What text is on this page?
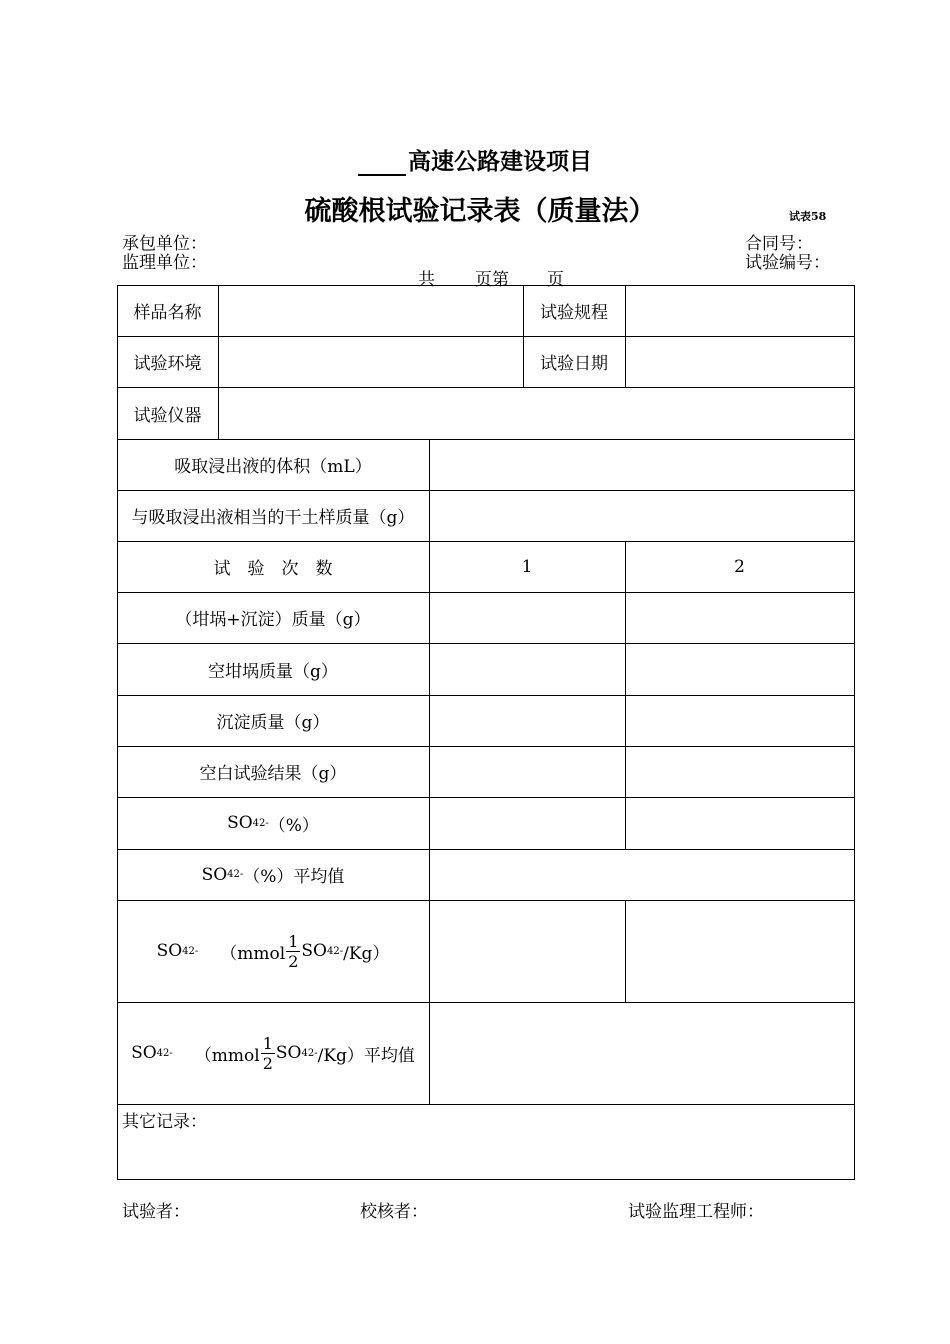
高速公路建设项目
硫酸根试验记录表（质量法）	试表58
承包单位：
监理单位：
合同号：
试验编号：
共 页第 页
样品名称	试验规程
试验环境	试验日期
试验仪器
吸取浸出液的体积（mL）
与吸取浸出液相当的干土样质量（g）
试　验　次　数	1	2
（坩埚+沉淀）质量（g）
空坩埚质量（g）
沉淀质量（g）
空白试验结果（g）
SO 4 2- （%）
SO 4 2- （%）平均值
SO 4 2- （mmol $\frac{1}{2}$ SO 4 2- /Kg）
SO 4 2- （mmol $\frac{1}{2}$ SO 4 2- /Kg）平均值
其它记录：
试验者：	校核者：	试验监理工程师：
